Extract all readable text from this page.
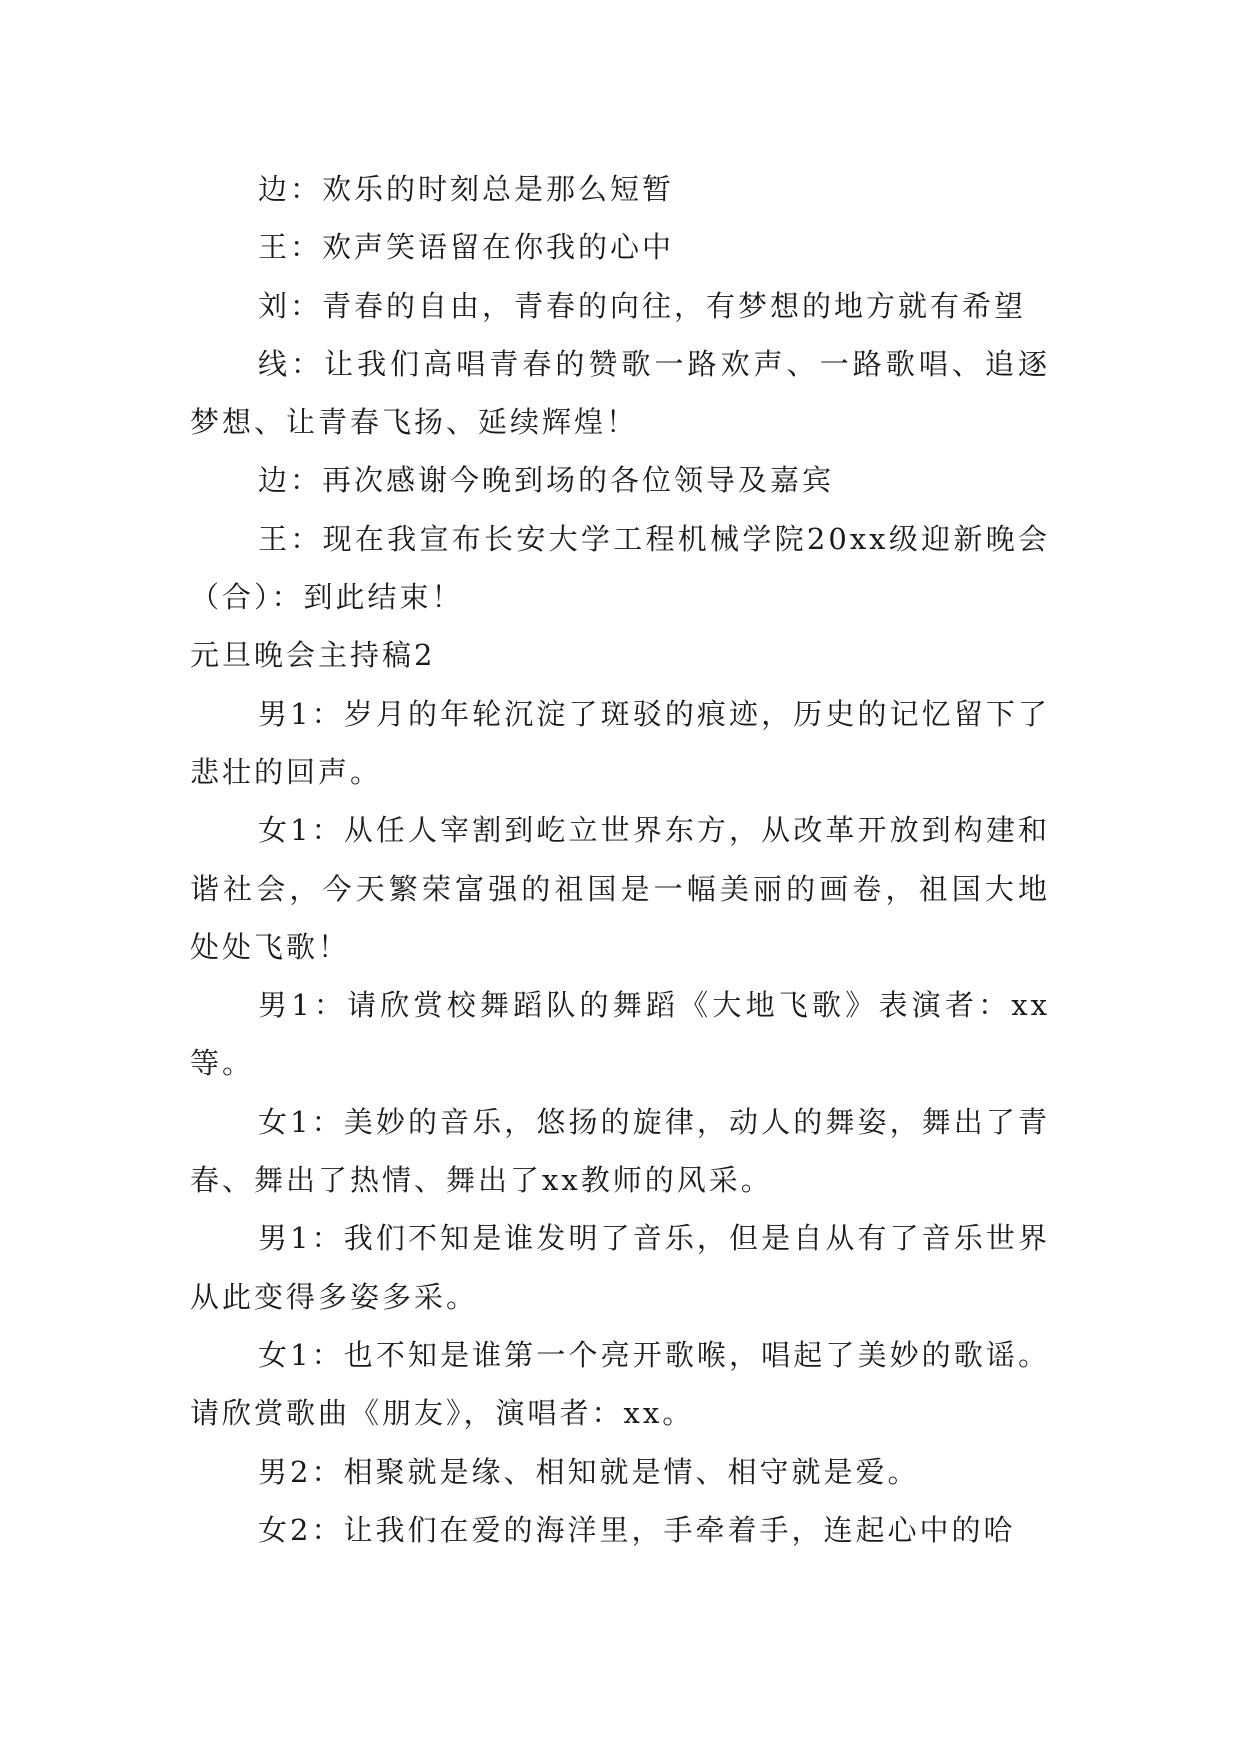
边：欢乐的时刻总是那么短暂

王：欢声笑语留在你我的心中

刘：青春的自由，青春的向往，有梦想的地方就有希望

线：让我们高唱青春的赞歌一路欢声、一路歌唱、追逐梦想、让青春飞扬、延续辉煌！

边：再次感谢今晚到场的各位领导及嘉宾

王：现在我宣布长安大学工程机械学院20xx级迎新晚会（合）：到此结束！

元旦晚会主持稿2

男1：岁月的年轮沉淀了斑驳的痕迹，历史的记忆留下了悲壮的回声。

女1：从任人宰割到屹立世界东方，从改革开放到构建和谐社会，今天繁荣富强的祖国是一幅美丽的画卷，祖国大地处处飞歌！

男1：请欣赏校舞蹈队的舞蹈《大地飞歌》表演者：xx等。

女1：美妙的音乐，悠扬的旋律，动人的舞姿，舞出了青春、舞出了热情、舞出了xx教师的风采。

男1：我们不知是谁发明了音乐，但是自从有了音乐世界从此变得多姿多采。

女1：也不知是谁第一个亮开歌喉，唱起了美妙的歌谣。请欣赏歌曲《朋友》，演唱者：xx。

男2：相聚就是缘、相知就是情、相守就是爱。

女2：让我们在爱的海洋里，手牵着手，连起心中的哈
